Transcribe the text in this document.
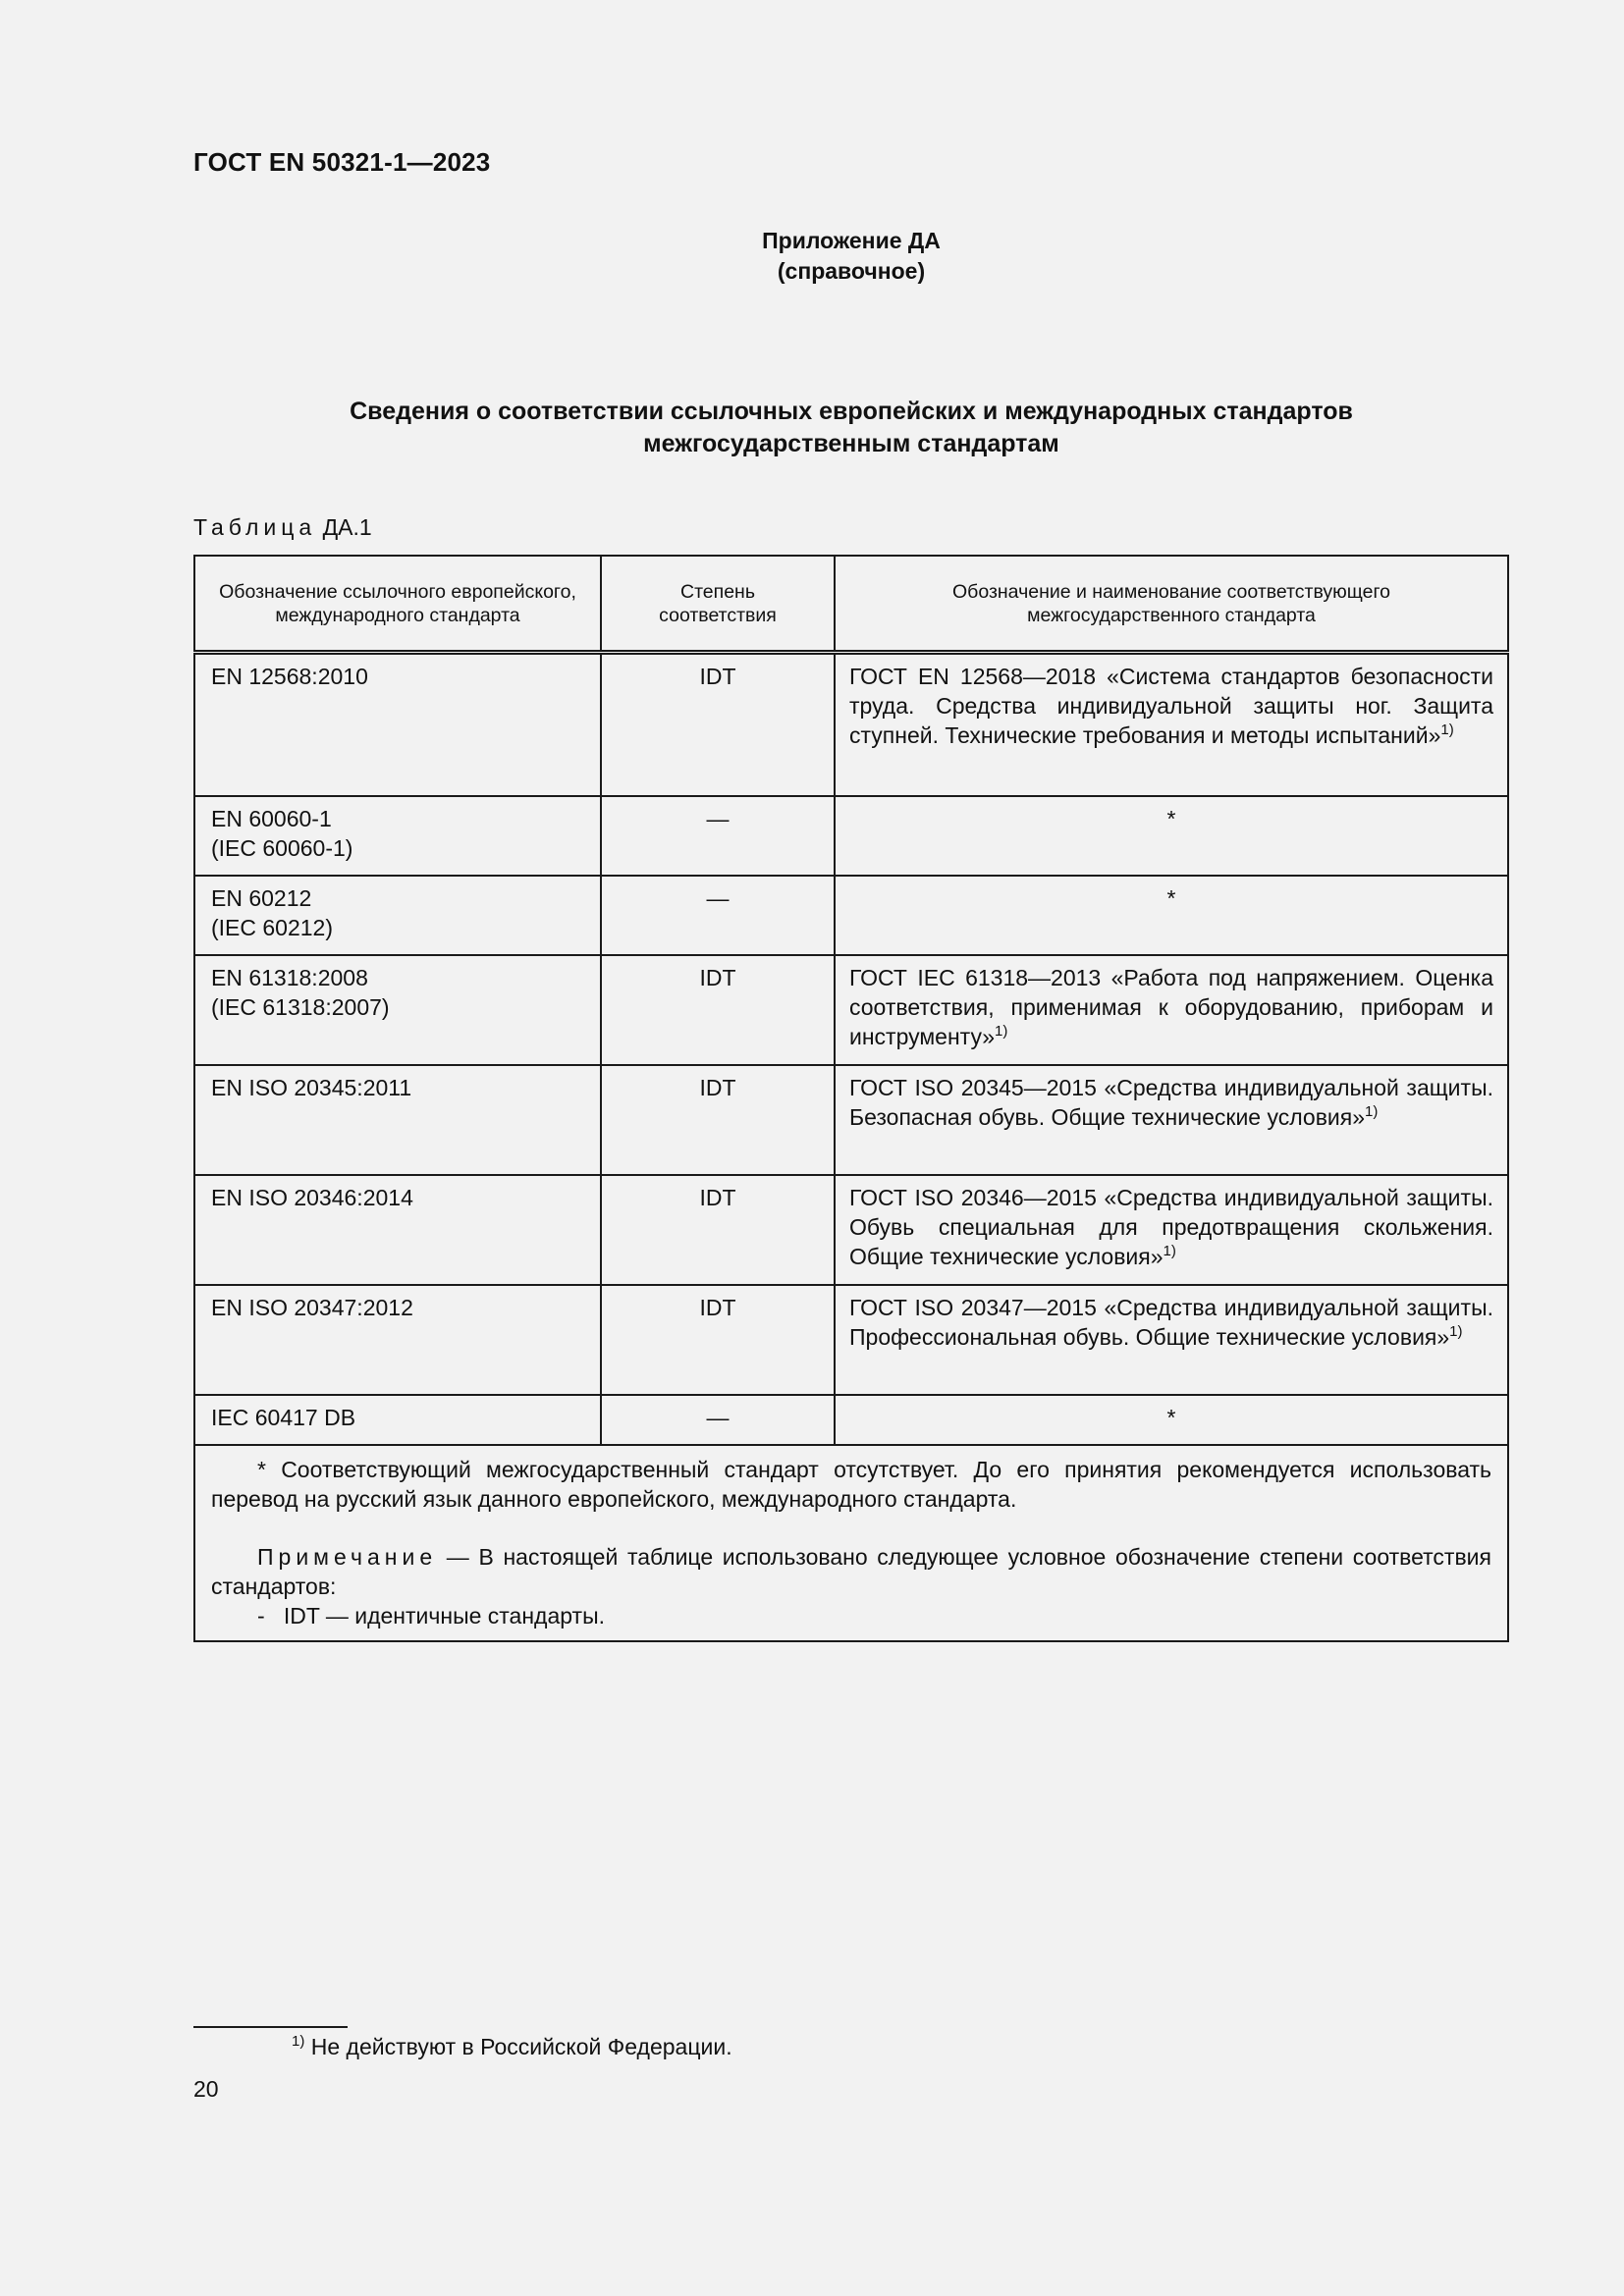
ГОСТ EN 50321-1—2023
Приложение ДА
(справочное)
Сведения о соответствии ссылочных европейских и международных стандартов
межгосударственным стандартам
Таблица ДА.1
Обозначение ссылочного европейского, международного стандарта	Степень соответствия	Обозначение и наименование соответствующего межгосударственного стандарта

EN 12568:2010	IDT	ГОСТ EN 12568—2018 «Система стандартов безопасности труда. Средства индивидуальной защиты ног. Защита ступней. Технические требования и методы испытаний»$^{1)}$

EN 60060-1
(IEC 60060-1)	—	*

EN 60212
(IEC 60212)	—	*

EN 61318:2008
(IEC 61318:2007)	IDT	ГОСТ IEC 61318—2013 «Работа под напряжением. Оценка соответствия, применимая к оборудованию, приборам и инструменту»$^{1)}$

EN ISO 20345:2011	IDT	ГОСТ ISO 20345—2015 «Средства индивидуальной защиты. Безопасная обувь. Общие технические условия»$^{1)}$

EN ISO 20346:2014	IDT	ГОСТ ISO 20346—2015 «Средства индивидуальной защиты. Обувь специальная для предотвращения скольжения. Общие технические условия»$^{1)}$

EN ISO 20347:2012	IDT	ГОСТ ISO 20347—2015 «Средства индивидуальной защиты. Профессиональная обувь. Общие технические условия»$^{1)}$

IEC 60417 DB	—	*

* Соответствующий межгосударственный стандарт отсутствует. До его принятия рекомендуется использовать перевод на русский язык данного европейского, международного стандарта.

Примечание — В настоящей таблице использовано следующее условное обозначение степени соответствия стандартов:

-   IDT — идентичные стандарты.		

$^{1)}$ Не действуют в Российской Федерации.
20
